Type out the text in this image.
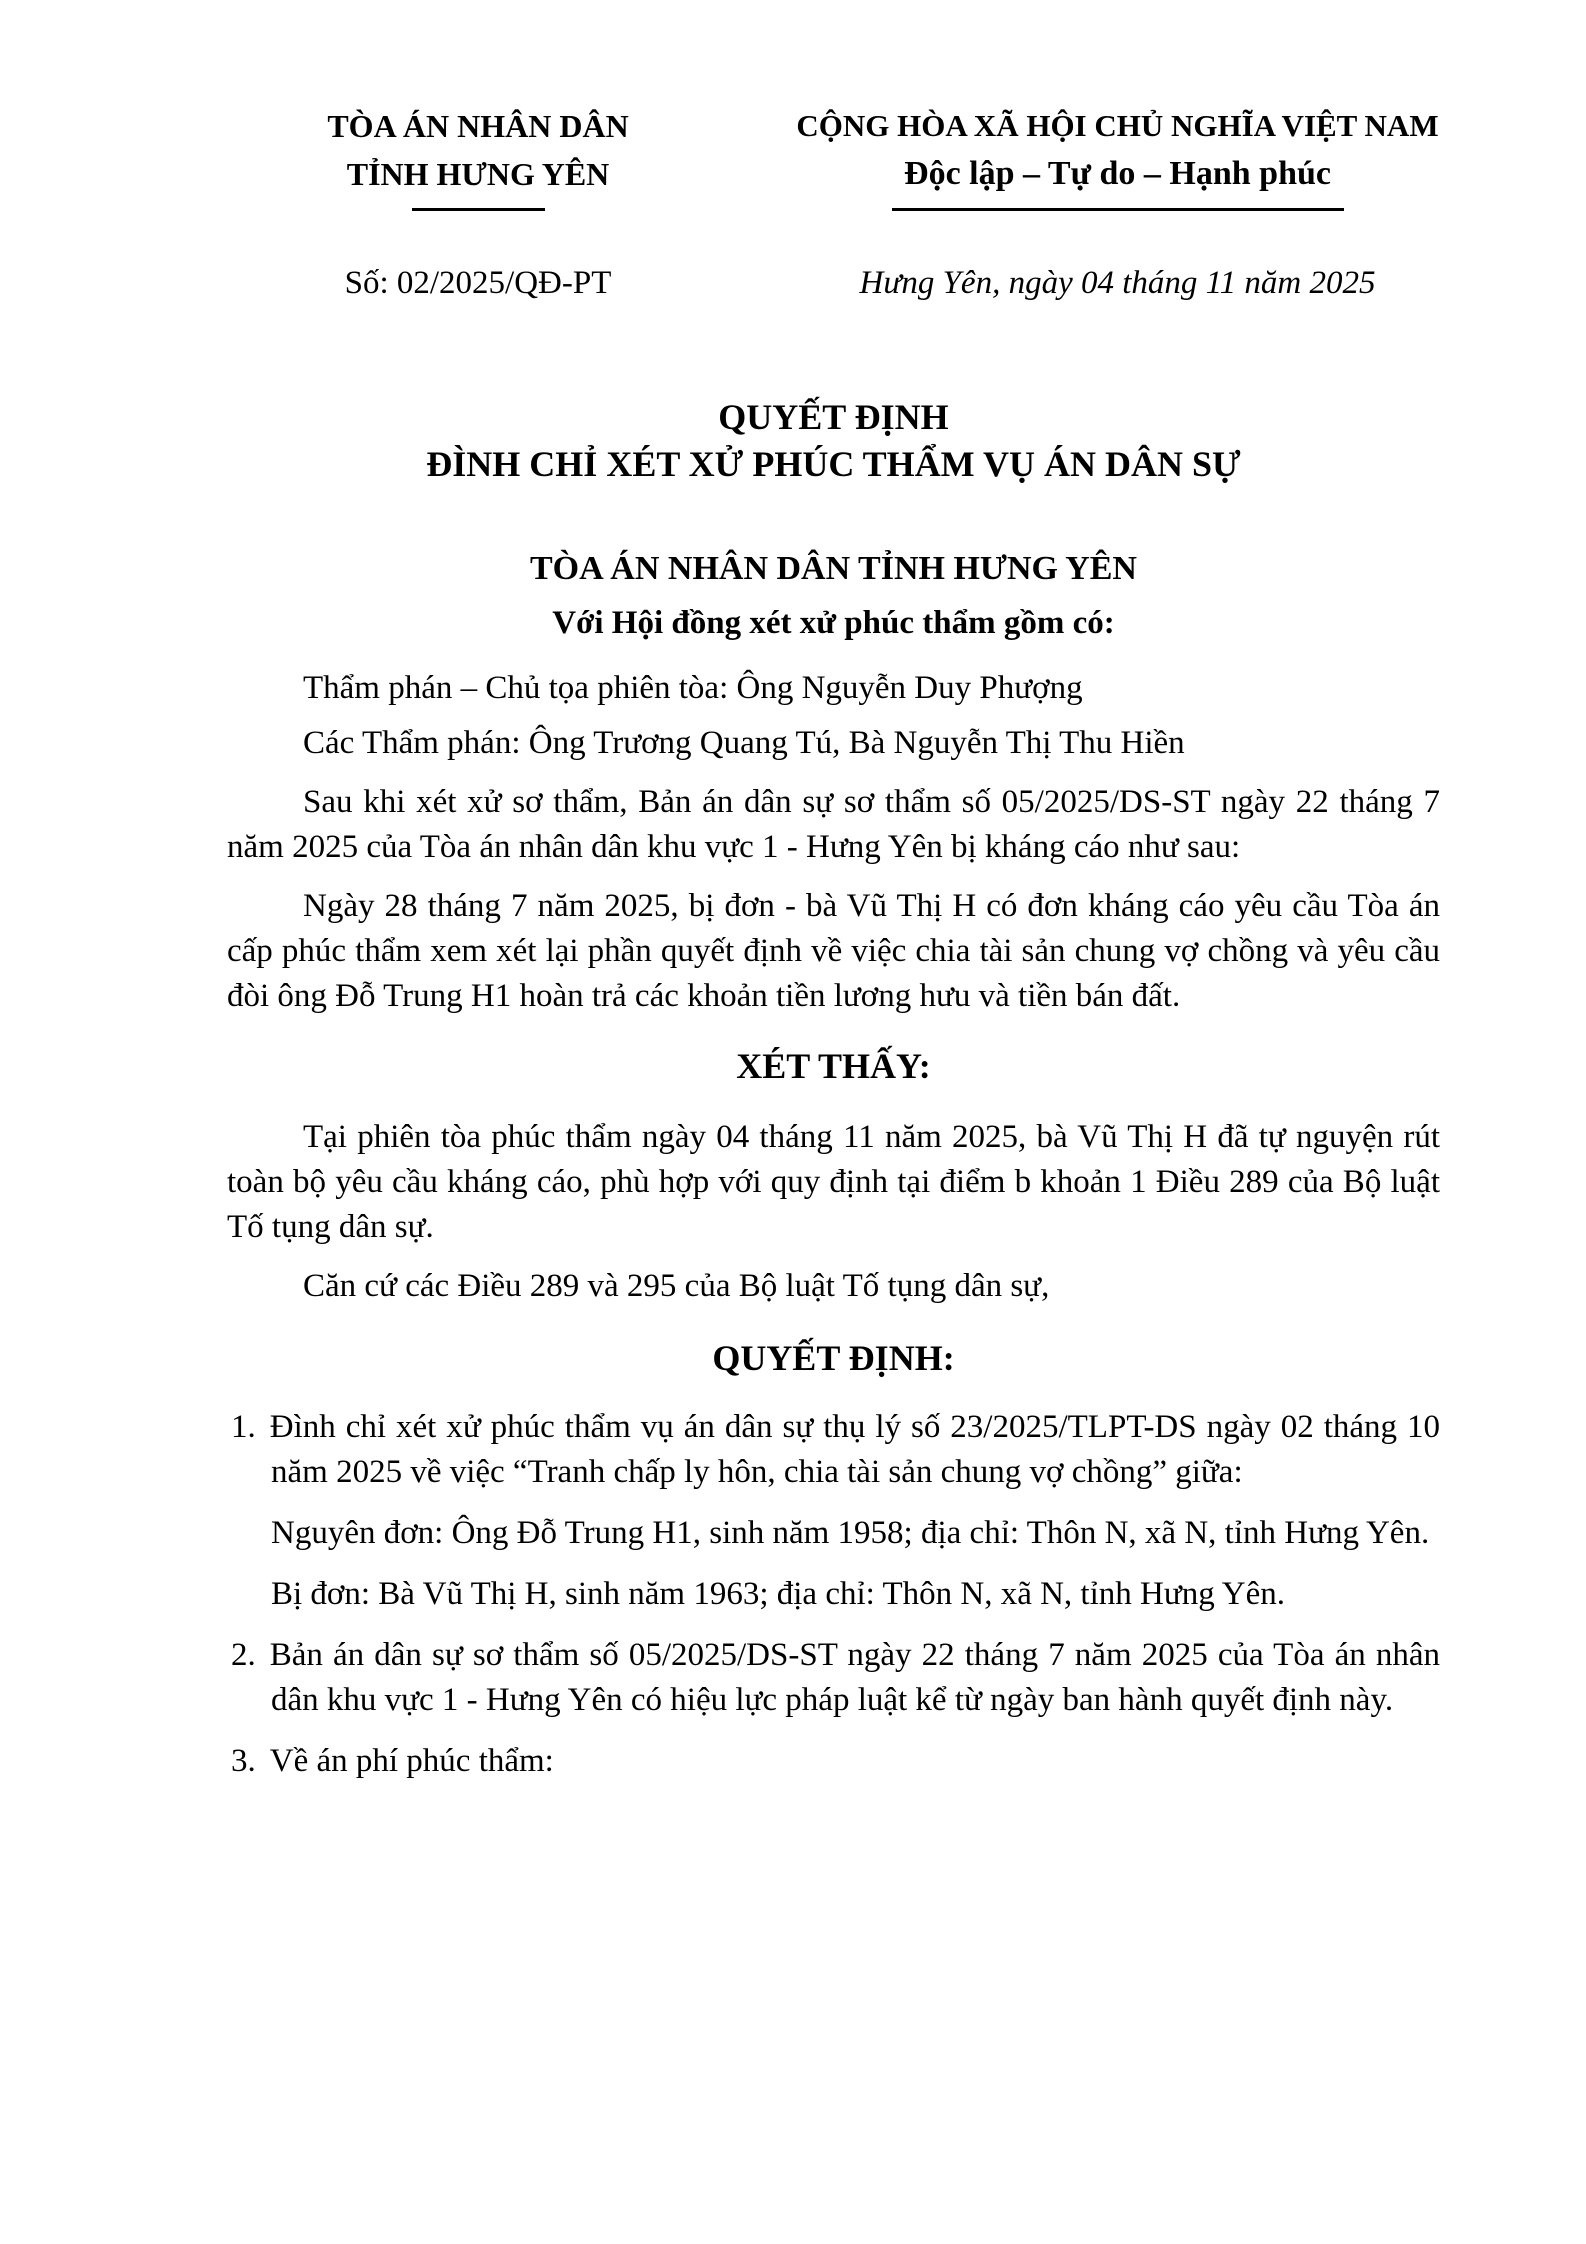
TÒA ÁN NHÂN DÂN
TỈNH HƯNG YÊN
CỘNG HÒA XÃ HỘI CHỦ NGHĨA VIỆT NAM
Độc lập – Tự do – Hạnh phúc
Số: 02/2025/QĐ-PT	Hưng Yên, ngày 04 tháng 11 năm 2025
QUYẾT ĐỊNH
ĐÌNH CHỈ XÉT XỬ PHÚC THẨM VỤ ÁN DÂN SỰ
TÒA ÁN NHÂN DÂN TỈNH HƯNG YÊN
Với Hội đồng xét xử phúc thẩm gồm có:

Thẩm phán – Chủ tọa phiên tòa: Ông Nguyễn Duy Phượng

Các Thẩm phán: Ông Trương Quang Tú, Bà Nguyễn Thị Thu Hiền

Sau khi xét xử sơ thẩm, Bản án dân sự sơ thẩm số 05/2025/DS-ST ngày 22 tháng 7 năm 2025 của Tòa án nhân dân khu vực 1 - Hưng Yên bị kháng cáo như sau:

Ngày 28 tháng 7 năm 2025, bị đơn - bà Vũ Thị H có đơn kháng cáo yêu cầu Tòa án cấp phúc thẩm xem xét lại phần quyết định về việc chia tài sản chung vợ chồng và yêu cầu đòi ông Đỗ Trung H1 hoàn trả các khoản tiền lương hưu và tiền bán đất.

XÉT THẤY:

Tại phiên tòa phúc thẩm ngày 04 tháng 11 năm 2025, bà Vũ Thị H đã tự nguyện rút toàn bộ yêu cầu kháng cáo, phù hợp với quy định tại điểm b khoản 1 Điều 289 của Bộ luật Tố tụng dân sự.

Căn cứ các Điều 289 và 295 của Bộ luật Tố tụng dân sự,

QUYẾT ĐỊNH:
1. Đình chỉ xét xử phúc thẩm vụ án dân sự thụ lý số 23/2025/TLPT-DS ngày 02 tháng 10 năm 2025 về việc “Tranh chấp ly hôn, chia tài sản chung vợ chồng” giữa:

Nguyên đơn: Ông Đỗ Trung H1, sinh năm 1958; địa chỉ: Thôn N, xã N, tỉnh Hưng Yên.

Bị đơn: Bà Vũ Thị H, sinh năm 1963; địa chỉ: Thôn N, xã N, tỉnh Hưng Yên.

2. Bản án dân sự sơ thẩm số 05/2025/DS-ST ngày 22 tháng 7 năm 2025 của Tòa án nhân dân khu vực 1 - Hưng Yên có hiệu lực pháp luật kể từ ngày ban hành quyết định này.
3. Về án phí phúc thẩm:
